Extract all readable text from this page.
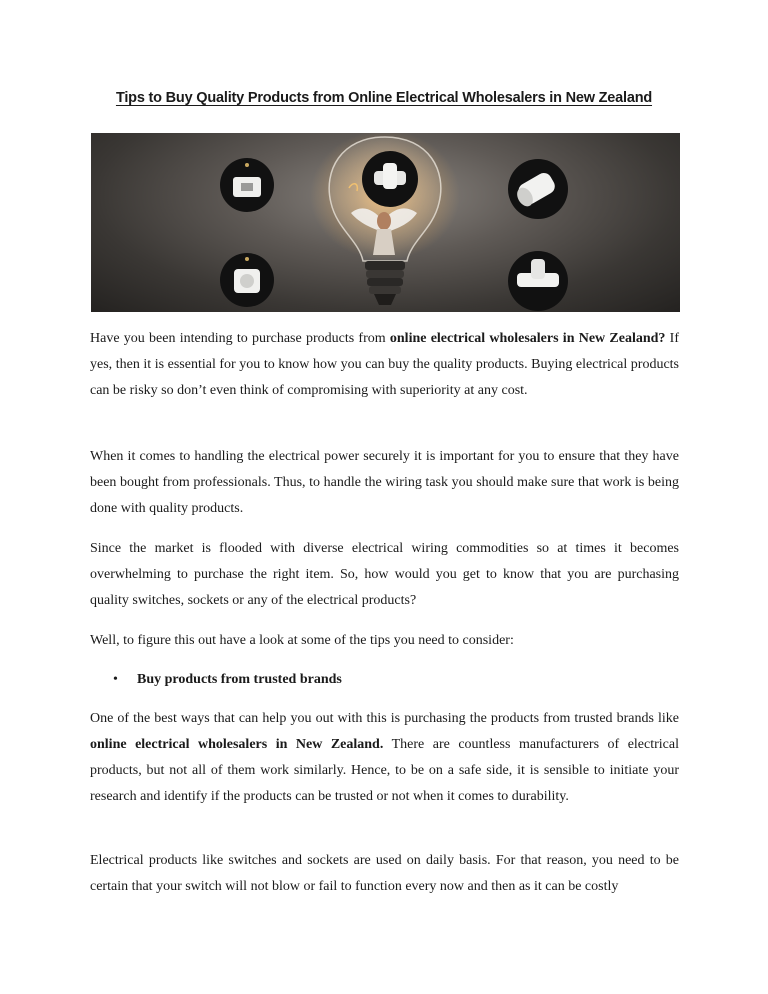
Tips to Buy Quality Products from Online Electrical Wholesalers in New Zealand

Have you been intending to purchase products from online electrical wholesalers in New Zealand? If yes, then it is essential for you to know how you can buy the quality products. Buying electrical products can be risky so don’t even think of compromising with superiority at any cost.

When it comes to handling the electrical power securely it is important for you to ensure that they have been bought from professionals. Thus, to handle the wiring task you should make sure that work is being done with quality products.

Since the market is flooded with diverse electrical wiring commodities so at times it becomes overwhelming to purchase the right item. So, how would you get to know that you are purchasing quality switches, sockets or any of the electrical products?

Well, to figure this out have a look at some of the tips you need to consider:

• Buy products from trusted brands

One of the best ways that can help you out with this is purchasing the products from trusted brands like online electrical wholesalers in New Zealand. There are countless manufacturers of electrical products, but not all of them work similarly. Hence, to be on a safe side, it is sensible to initiate your research and identify if the products can be trusted or not when it comes to durability.

Electrical products like switches and sockets are used on daily basis. For that reason, you need to be certain that your switch will not blow or fail to function every now and then as it can be costly
